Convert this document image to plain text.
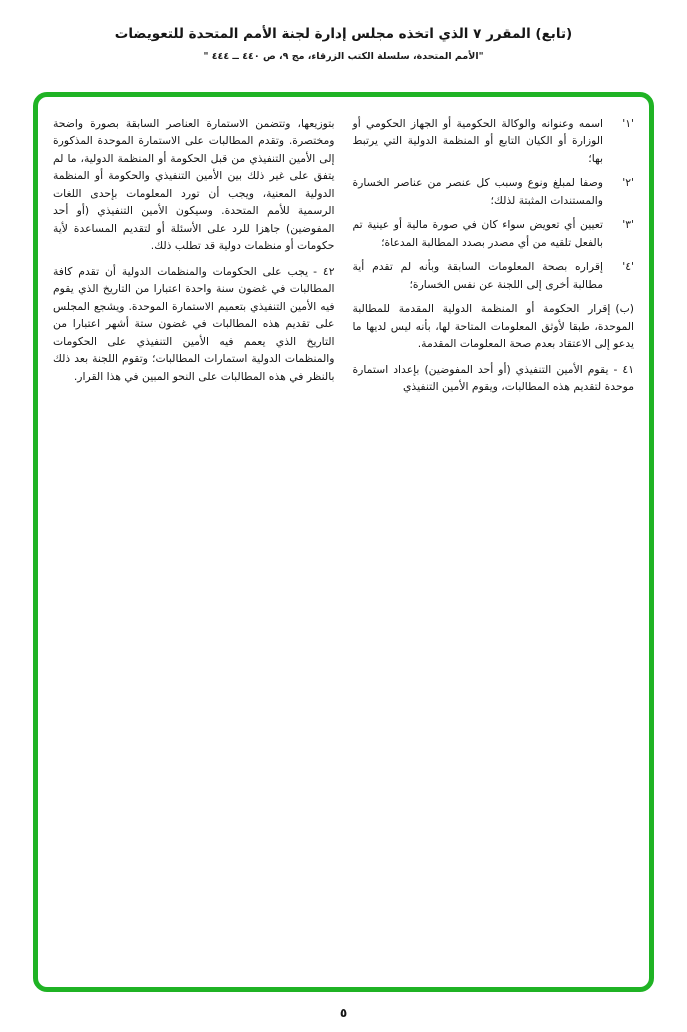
(تابع) المقرر ٧ الذي اتخذه مجلس إدارة لجنة الأمم المتحدة للتعويضات
"الأمم المتحدة، سلسلة الكتب الزرقاء، مج ٩، ص ٤٤٠ ــ ٤٤٤ "
'١'
اسمه وعنوانه والوكالة الحكومية أو الجهاز الحكومي أو الوزارة أو الكيان التابع أو المنظمة الدولية التي يرتبط بها؛
'٢'
وصفا لمبلغ ونوع وسبب كل عنصر من عناصر الخسارة والمستندات المثبتة لذلك؛
'٣'
تعيين أي تعويض سواء كان في صورة مالية أو عينية تم بالفعل تلقيه من أي مصدر بصدد المطالبة المدعاة؛
'٤'
إقراره بصحة المعلومات السابقة وبأنه لم تقدم أية مطالبة أخرى إلى اللجنة عن نفس الخسارة؛

(ب)إقرار الحكومة أو المنظمة الدولية المقدمة للمطالبة الموحدة، طبقا لأوثق المعلومات المتاحة لها، بأنه ليس لديها ما يدعو إلى الاعتقاد بعدم صحة المعلومات المقدمة.

٤١ -يقوم الأمين التنفيذي (أو أحد المفوضين) بإعداد استمارة موحدة لتقديم هذه المطالبات، ويقوم الأمين التنفيذي

بتوزيعها، وتتضمن الاستمارة العناصر السابقة بصورة واضحة ومختصرة. وتقدم المطالبات على الاستمارة الموحدة المذكورة إلى الأمين التنفيذي من قبل الحكومة أو المنظمة الدولية، ما لم يتفق على غير ذلك بين الأمين التنفيذي والحكومة أو المنظمة الدولية المعنية، ويجب أن تورد المعلومات بإحدى اللغات الرسمية للأمم المتحدة. وسيكون الأمين التنفيذي (أو أحد المفوضين) جاهزا للرد على الأسئلة أو لتقديم المساعدة لأية حكومات أو منظمات دولية قد تطلب ذلك.

٤٢ -يجب على الحكومات والمنظمات الدولية أن تقدم كافة المطالبات في غضون سنة واحدة اعتبارا من التاريخ الذي يقوم فيه الأمين التنفيذي بتعميم الاستمارة الموحدة. ويشجع المجلس على تقديم هذه المطالبات في غضون ستة أشهر اعتبارا من التاريخ الذي يعمم فيه الأمين التنفيذي على الحكومات والمنظمات الدولية استمارات المطالبات؛ وتقوم اللجنة بعد ذلك بالنظر في هذه المطالبات على النحو المبين في هذا القرار.

٥
